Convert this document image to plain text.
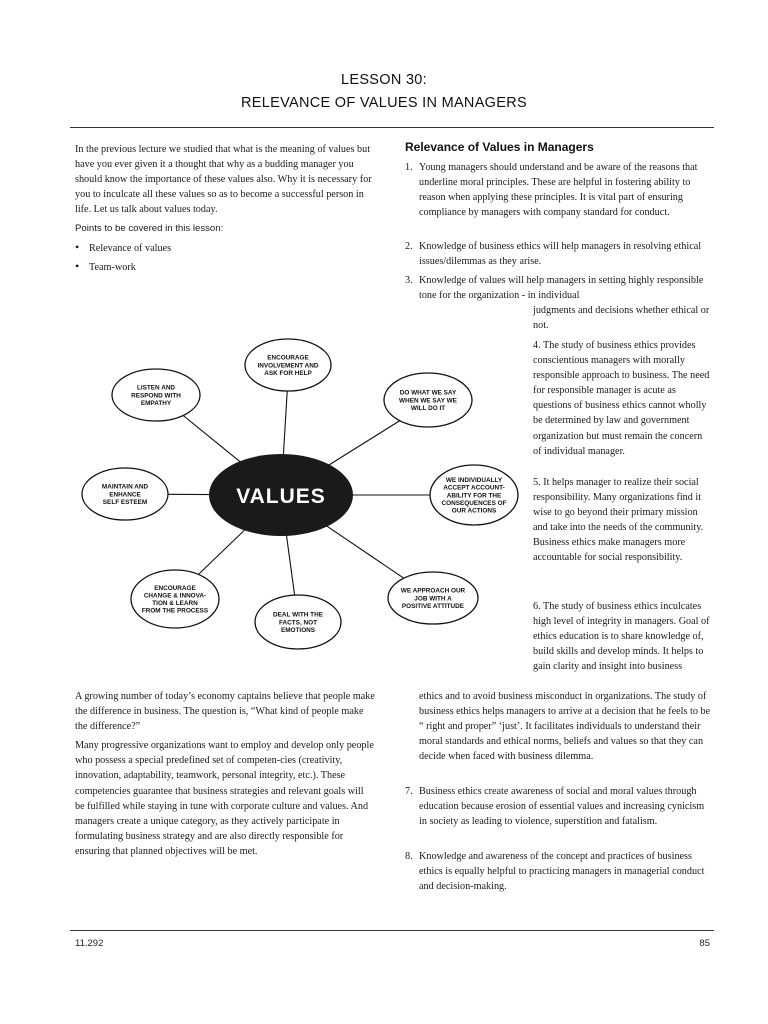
LESSON 30:
RELEVANCE OF VALUES IN MANAGERS

In the previous lecture we studied that what is the meaning of values but have you ever given it a thought that why as a budding manager you should know the importance of these values also. Why it is necessary for you to inculcate all these values so as to become a successful person in life. Let us talk about values today.

Points to be covered in this lesson:

• Relevance of values
• Team-work
VALUES
ENCOURAGE INVOLVEMENT AND ASK FOR HELP
DO WHAT WE SAY WHEN WE SAY WE WILL DO IT
WE INDIVIDUALLY ACCEPT ACCOUNT-ABILITY FOR THE CONSEQUENCES OF OUR ACTIONS
WE APPROACH OUR JOB WITH A POSITIVE ATTITUDE
DEAL WITH THE FACTS, NOT EMOTIONS
ENCOURAGE CHANGE & INNOVA-TION & LEARN FROM THE PROCESS
MAINTAIN AND ENHANCE SELF ESTEEM
LISTEN AND RESPOND WITH EMPATHY

A growing number of today’s economy captains believe that people make the difference in business. The question is, “What kind of people make the difference?”

Many progressive organizations want to employ and develop only people who possess a special predefined set of competen-cies (creativity, innovation, adaptability, teamwork, personal integrity, etc.). These competencies guarantee that business strategies and relevant goals will be fulfilled while staying in tune with corporate culture and values. And managers create a unique category, as they actively participate in formulating business strategy and are also directly responsible for ensuring that planned objectives will be met.

Relevance of Values in Managers
1. Young managers should understand and be aware of the reasons that underline moral principles. These are helpful in fostering ability to reason when applying these principles. It is vital part of ensuring compliance by managers with company standard for conduct.
2. Knowledge of business ethics will help managers in resolving ethical issues/dilemmas as they arise.
3. Knowledge of values will help managers in setting highly responsible tone for the organization - in individual
judgments and decisions whether ethical or not.
4. The study of business ethics provides conscientious managers with morally responsible approach to business. The need for responsible manager is acute as questions of business ethics cannot wholly be determined by law and government organization but must remain the concern of individual manager.
5. It helps manager to realize their social responsibility. Many organizations find it wise to go beyond their primary mission and take into the needs of the community. Business ethics make managers more accountable for social responsibility.
6. The study of business ethics inculcates high level of integrity in managers. Goal of ethics education is to share knowledge of, build skills and develop minds. It helps to gain clarity and insight into business
ethics and to avoid business misconduct in organizations. The study of business ethics helps managers to arrive at a decision that he feels to be “ right and proper” ‘just’. It facilitates individuals to understand their moral standards and ethical norms, beliefs and values so that they can decide when faced with business dilemma.
7. Business ethics create awareness of social and moral values through education because erosion of essential values and increasing cynicism in society as leading to violence, superstition and fatalism.
8. Knowledge and awareness of the concept and practices of business ethics is equally helpful to practicing managers in managerial conduct and decision-making.
11.292	85
